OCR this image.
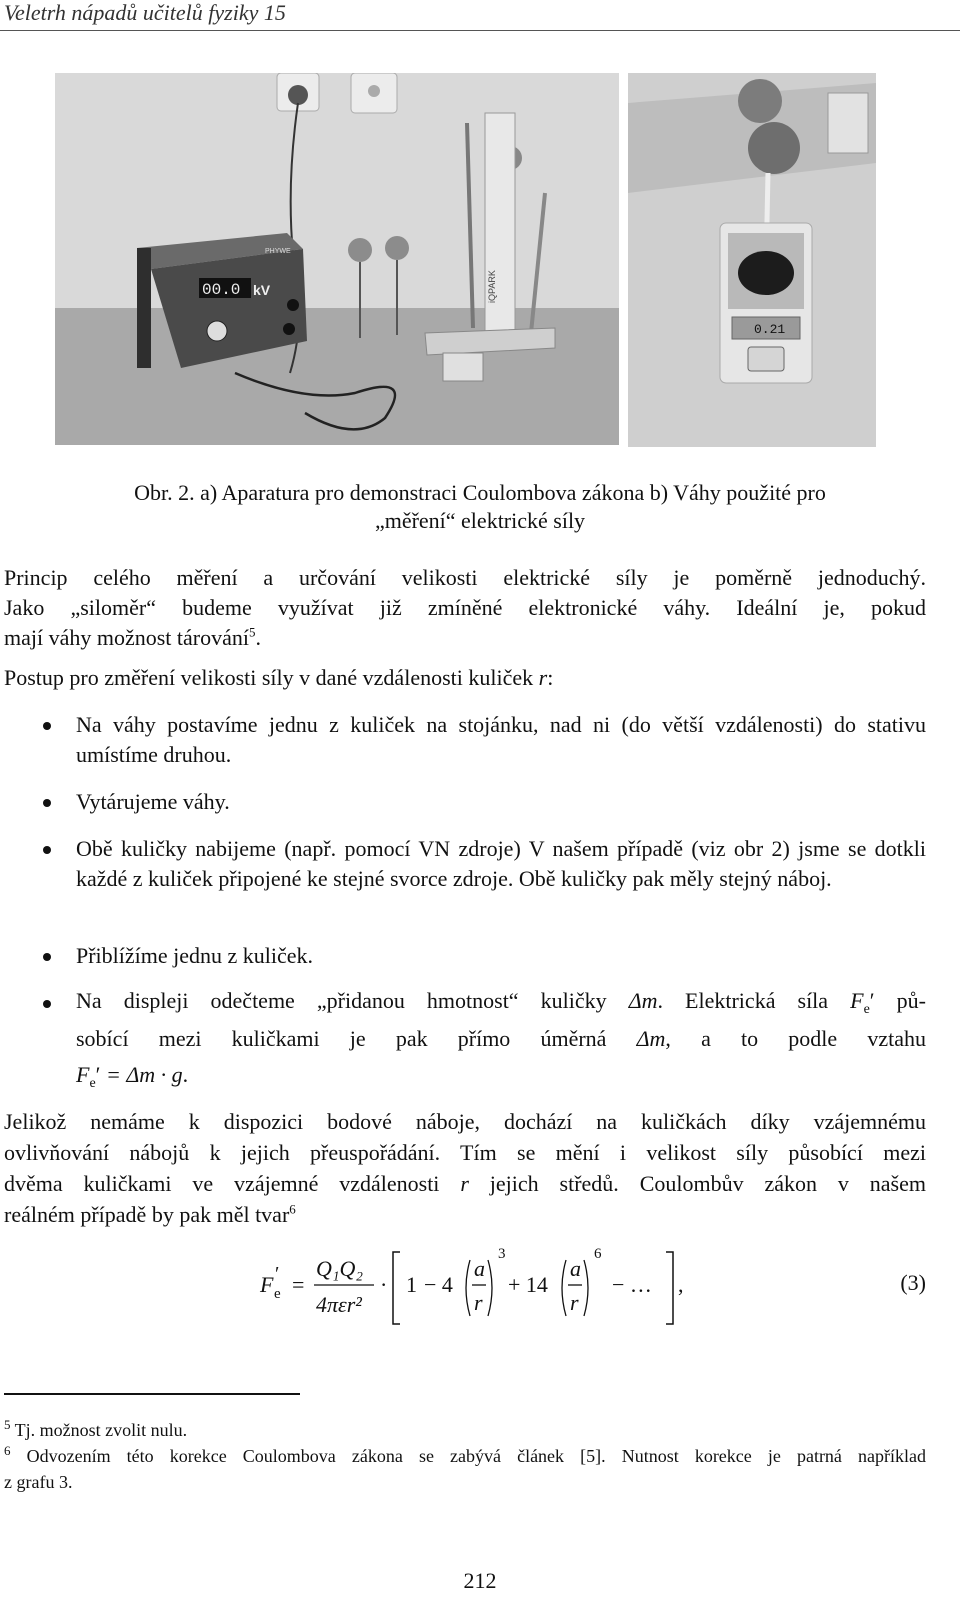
Veletrh nápadů učitelů fyziky 15
00.0 kV
PHYWE
iQPARK
0.21
Obr. 2. a) Aparatura pro demonstraci Coulombova zákona b) Váhy použité pro
„měření“ elektrické síly
Princip celého měření a určování velikosti elektrické síly je poměrně jednoduchý.
Jako „siloměr“ budeme využívat již zmíněné elektronické váhy. Ideální je, pokud
mají váhy možnost tárování$^5$.
Postup pro změření velikosti síly v dané vzdálenosti kuliček r:
Na váhy postavíme jednu z kuliček na stojánku, nad ni (do větší vzdálenosti) do stativu umístíme druhou.
Vytárujeme váhy.
Obě kuličky nabijeme (např. pomocí VN zdroje) V našem případě (viz obr 2) jsme se dotkli každé z kuliček připojené ke stejné svorce zdroje. Obě kuličky pak měly stejný náboj.
Přiblížíme jednu z kuliček.
Na displeji odečteme „přidanou hmotnost“ kuličky Δm. Elektrická síla $F_e'$ pů-
sobící mezi kuličkami je pak přímo úměrná Δm, a to podle vztahu
$F_e' = \Delta m \cdot g$.
Jelikož nemáme k dispozici bodové náboje, dochází na kuličkách díky vzájemnému
ovlivňování nábojů k jejich přeuspořádání. Tím se mění i velikost síly působící mezi
dvěma kuličkami ve vzájemné vzdálenosti r jejich středů. Coulombův zákon v našem
reálném případě by pak měl tvar$^6$
F e
′ =
Q₁Q₂
4πεr²
· 1 − 4
a
r
3
+ 14
a
r
6
− … ,	(3)
$^5$ Tj. možnost zvolit nulu.
$^6$ Odvozením této korekce Coulombova zákona se zabývá článek [5]. Nutnost korekce je patrná například
z grafu 3.
212
